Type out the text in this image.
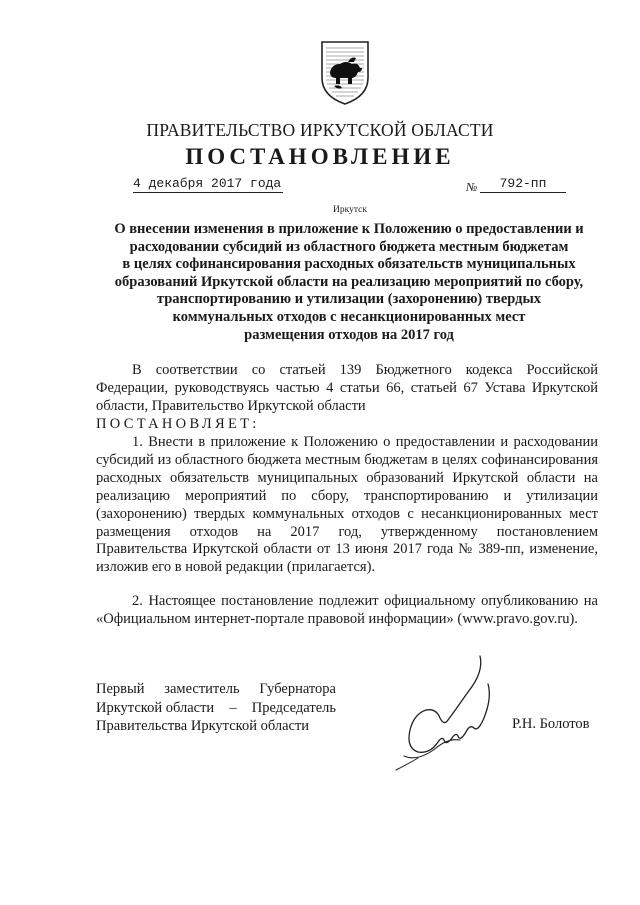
ПРАВИТЕЛЬСТВО ИРКУТСКОЙ ОБЛАСТИ
ПОСТАНОВЛЕНИЕ
4 декабря 2017 года	№	792-пп
Иркутск
О внесении изменения в приложение к Положению о предоставлении и
расходовании субсидий из областного бюджета местным бюджетам
в целях софинансирования расходных обязательств муниципальных
образований Иркутской области на реализацию мероприятий по сбору,
транспортированию и утилизации (захоронению) твердых
коммунальных отходов с несанкционированных мест
размещения отходов на 2017 год
В соответствии со статьей 139 Бюджетного кодекса Российской Федерации, руководствуясь частью 4 статьи 66, статьей 67 Устава Иркутской области, Правительство Иркутской области
ПОСТАНОВЛЯЕТ:
1. Внести в приложение к Положению о предоставлении и расходовании субсидий из областного бюджета местным бюджетам в целях софинансирования расходных обязательств муниципальных образований Иркутской области на реализацию мероприятий по сбору, транспортированию и утилизации (захоронению) твердых коммунальных отходов с несанкционированных мест размещения отходов на 2017 год, утвержденному постановлением Правительства Иркутской области от 13 июня 2017 года № 389-пп, изменение, изложив его в новой редакции (прилагается).
2. Настоящее постановление подлежит официальному опубликованию на «Официальном интернет-портале правовой информации» (www.pravo.gov.ru).
Первый заместитель Губернатора
Иркутской области – Председатель
Правительства Иркутской области	Р.Н. Болотов
